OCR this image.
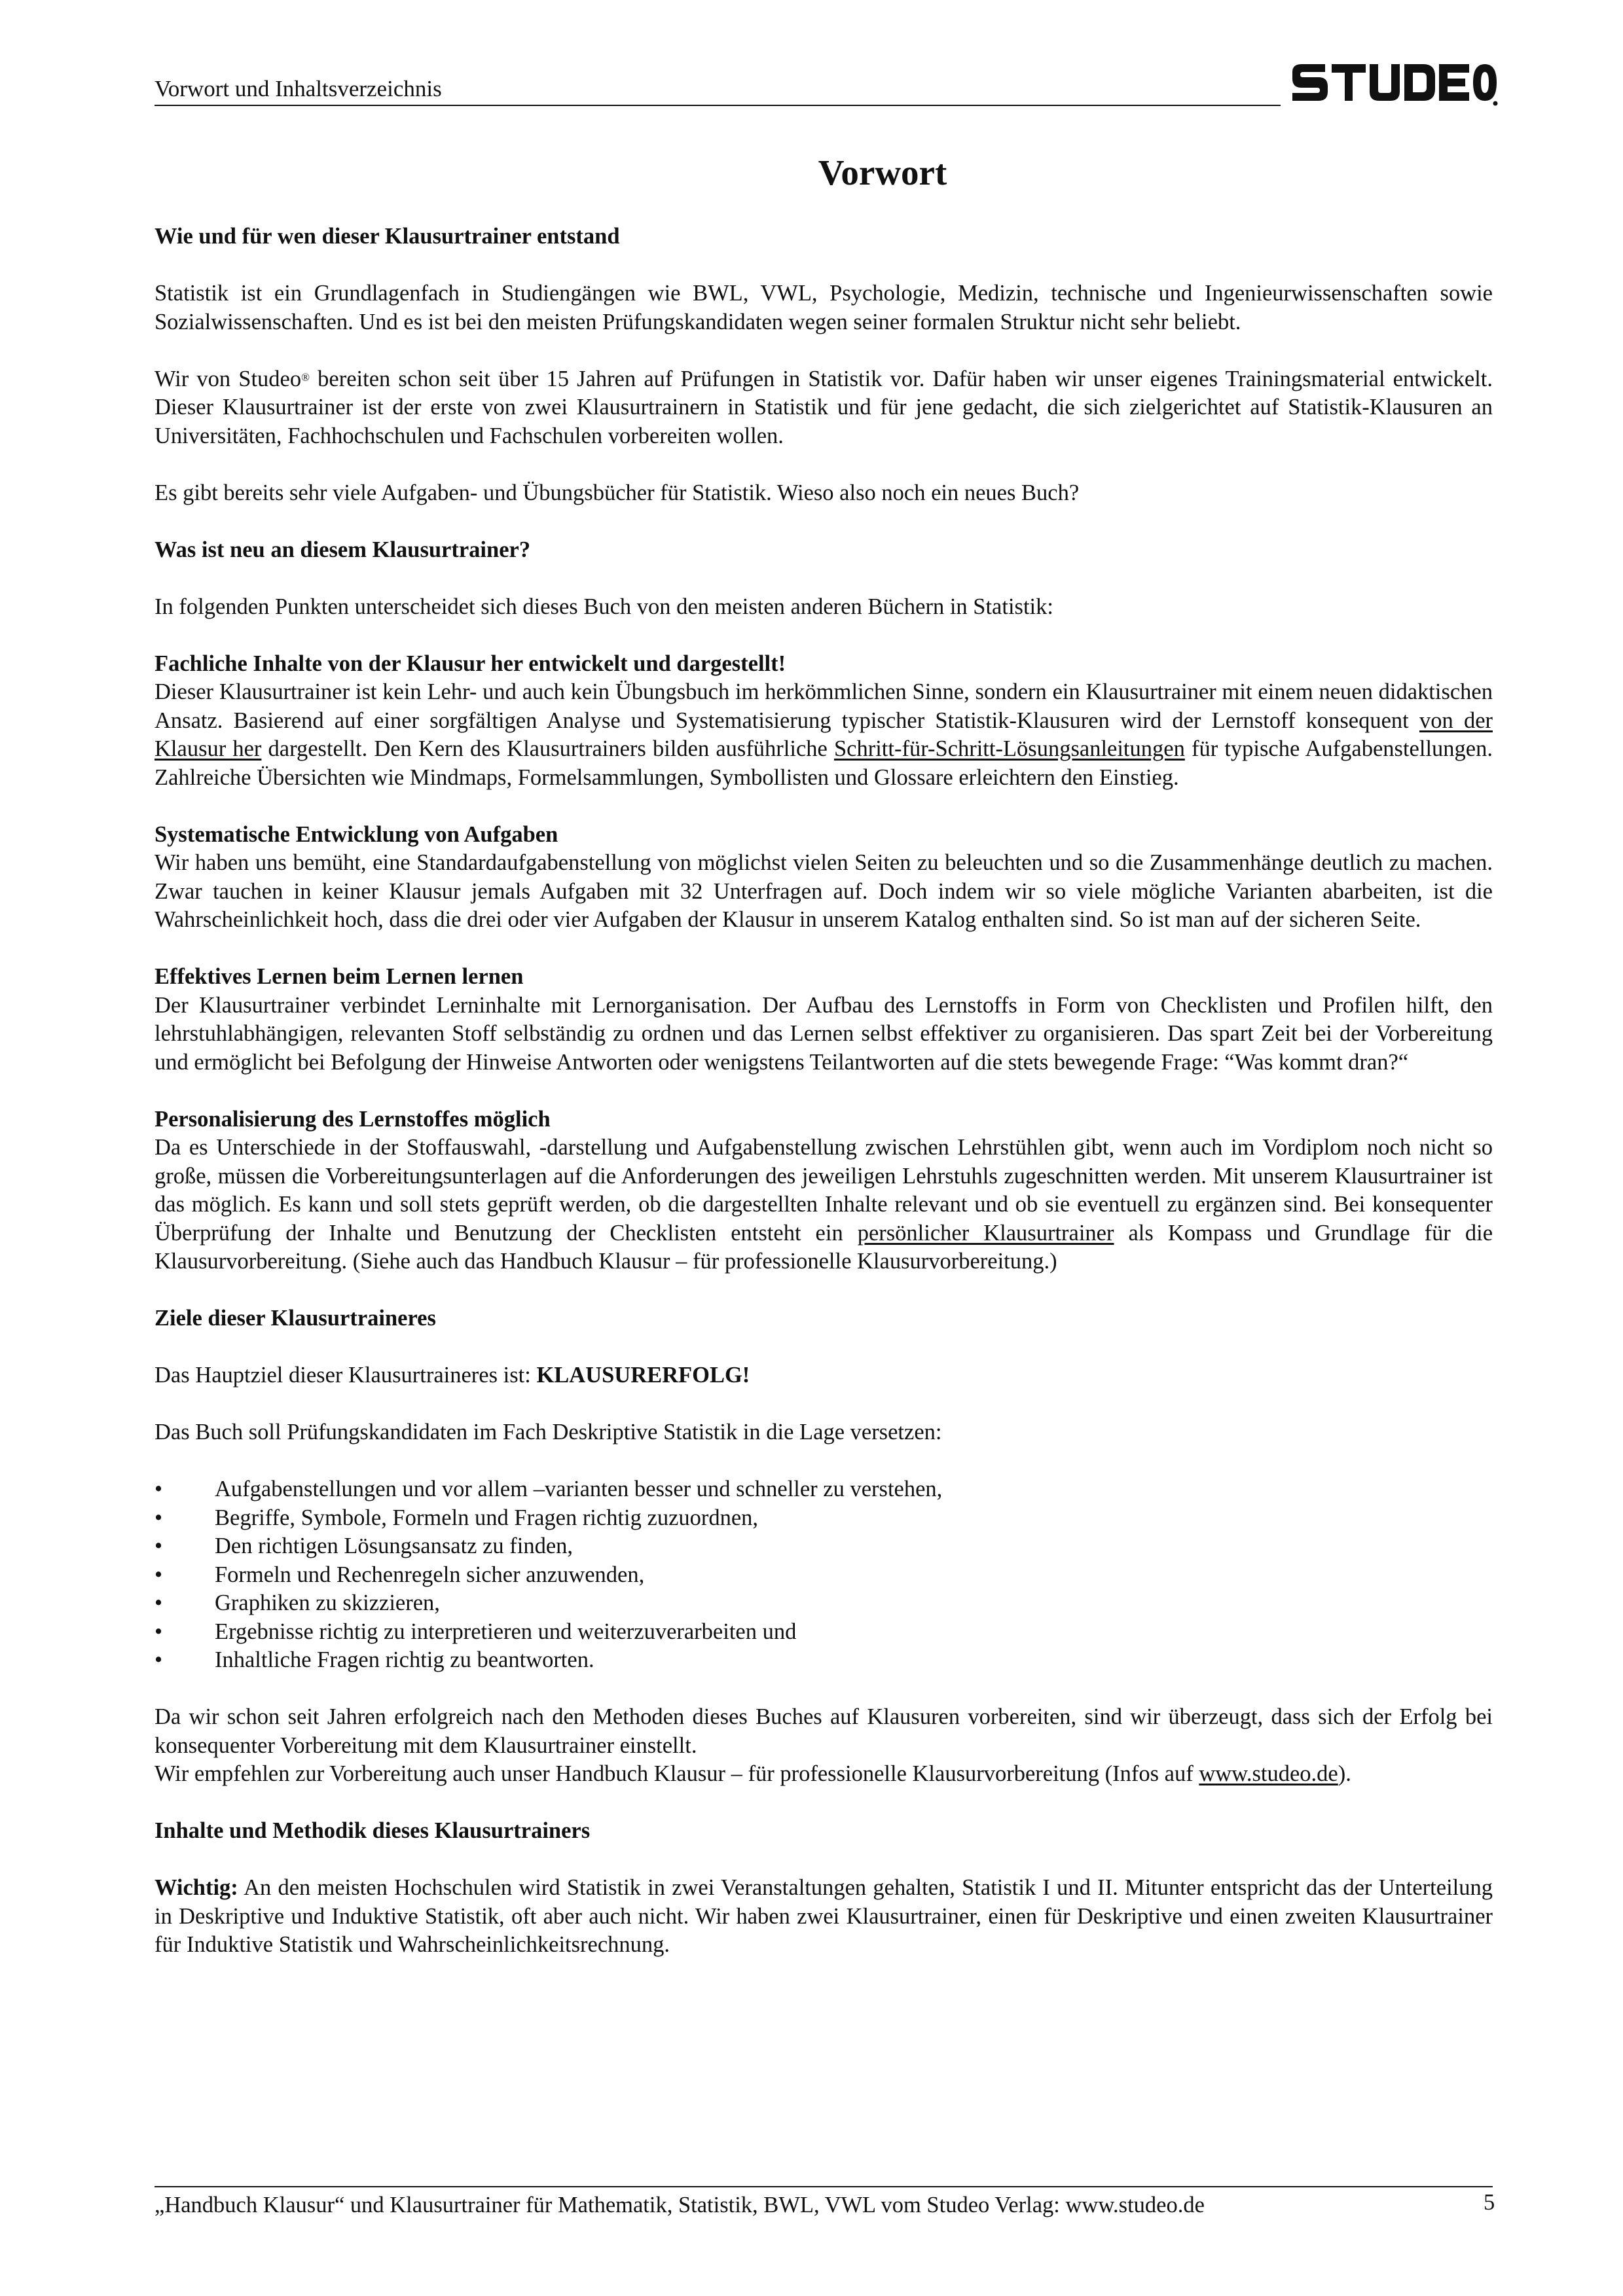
Vorwort und Inhaltsverzeichnis
Vorwort
Wie und für wen dieser Klausurtrainer entstand

Statistik ist ein Grundlagenfach in Studiengängen wie BWL, VWL, Psychologie, Medizin, technische und Ingenieurwissenschaften sowie Sozialwissenschaften. Und es ist bei den meisten Prüfungskandidaten wegen seiner formalen Struktur nicht sehr beliebt.

Wir von Studeo® bereiten schon seit über 15 Jahren auf Prüfungen in Statistik vor. Dafür haben wir unser eigenes Trainingsmaterial entwickelt. Dieser Klausurtrainer ist der erste von zwei Klausurtrainern in Statistik und für jene gedacht, die sich zielgerichtet auf Statistik-Klausuren an Universitäten, Fachhochschulen und Fachschulen vorbereiten wollen.

Es gibt bereits sehr viele Aufgaben- und Übungsbücher für Statistik. Wieso also noch ein neues Buch?

Was ist neu an diesem Klausurtrainer?

In folgenden Punkten unterscheidet sich dieses Buch von den meisten anderen Büchern in Statistik:

Fachliche Inhalte von der Klausur her entwickelt und dargestellt!

Dieser Klausurtrainer ist kein Lehr- und auch kein Übungsbuch im herkömmlichen Sinne, sondern ein Klausurtrainer mit einem neuen didaktischen Ansatz. Basierend auf einer sorgfältigen Analyse und Systematisierung typischer Statistik-Klausuren wird der Lernstoff konsequent von der Klausur her dargestellt. Den Kern des Klausurtrainers bilden ausführliche Schritt-für-Schritt-Lösungsanleitungen für typische Aufgabenstellungen. Zahlreiche Übersichten wie Mindmaps, Formelsammlungen, Symbollisten und Glossare erleichtern den Einstieg.

Systematische Entwicklung von Aufgaben

Wir haben uns bemüht, eine Standardaufgabenstellung von möglichst vielen Seiten zu beleuchten und so die Zusammenhänge deutlich zu machen. Zwar tauchen in keiner Klausur jemals Aufgaben mit 32 Unterfragen auf. Doch indem wir so viele mögliche Varianten abarbeiten, ist die Wahrscheinlichkeit hoch, dass die drei oder vier Aufgaben der Klausur in unserem Katalog enthalten sind. So ist man auf der sicheren Seite.

Effektives Lernen beim Lernen lernen

Der Klausurtrainer verbindet Lerninhalte mit Lernorganisation. Der Aufbau des Lernstoffs in Form von Checklisten und Profilen hilft, den lehrstuhlabhängigen, relevanten Stoff selbständig zu ordnen und das Lernen selbst effektiver zu organisieren. Das spart Zeit bei der Vorbereitung und ermöglicht bei Befolgung der Hinweise Antworten oder wenigstens Teilantworten auf die stets bewegende Frage: “Was kommt dran?“

Personalisierung des Lernstoffes möglich

Da es Unterschiede in der Stoffauswahl, -darstellung und Aufgabenstellung zwischen Lehrstühlen gibt, wenn auch im Vordiplom noch nicht so große, müssen die Vorbereitungsunterlagen auf die Anforderungen des jeweiligen Lehrstuhls zugeschnitten werden. Mit unserem Klausurtrainer ist das möglich. Es kann und soll stets geprüft werden, ob die dargestellten Inhalte relevant und ob sie eventuell zu ergänzen sind. Bei konsequenter Überprüfung der Inhalte und Benutzung der Checklisten entsteht ein persönlicher Klausurtrainer als Kompass und Grundlage für die Klausurvorbereitung. (Siehe auch das Handbuch Klausur – für professionelle Klausurvorbereitung.)

Ziele dieser Klausurtraineres

Das Hauptziel dieser Klausurtraineres ist: KLAUSURERFOLG!

Das Buch soll Prüfungskandidaten im Fach Deskriptive Statistik in die Lage versetzen:

• Aufgabenstellungen und vor allem –varianten besser und schneller zu verstehen,
• Begriffe, Symbole, Formeln und Fragen richtig zuzuordnen,
• Den richtigen Lösungsansatz zu finden,
• Formeln und Rechenregeln sicher anzuwenden,
• Graphiken zu skizzieren,
• Ergebnisse richtig zu interpretieren und weiterzuverarbeiten und
• Inhaltliche Fragen richtig zu beantworten.

Da wir schon seit Jahren erfolgreich nach den Methoden dieses Buches auf Klausuren vorbereiten, sind wir überzeugt, dass sich der Erfolg bei konsequenter Vorbereitung mit dem Klausurtrainer einstellt.

Wir empfehlen zur Vorbereitung auch unser Handbuch Klausur – für professionelle Klausurvorbereitung (Infos auf www.studeo.de).

Inhalte und Methodik dieses Klausurtrainers

Wichtig: An den meisten Hochschulen wird Statistik in zwei Veranstaltungen gehalten, Statistik I und II. Mitunter entspricht das der Unterteilung in Deskriptive und Induktive Statistik, oft aber auch nicht. Wir haben zwei Klausurtrainer, einen für Deskriptive und einen zweiten Klausurtrainer für Induktive Statistik und Wahrscheinlichkeitsrechnung.

„Handbuch Klausur“ und Klausurtrainer für Mathematik, Statistik, BWL, VWL vom Studeo Verlag: www.studeo.de	5
